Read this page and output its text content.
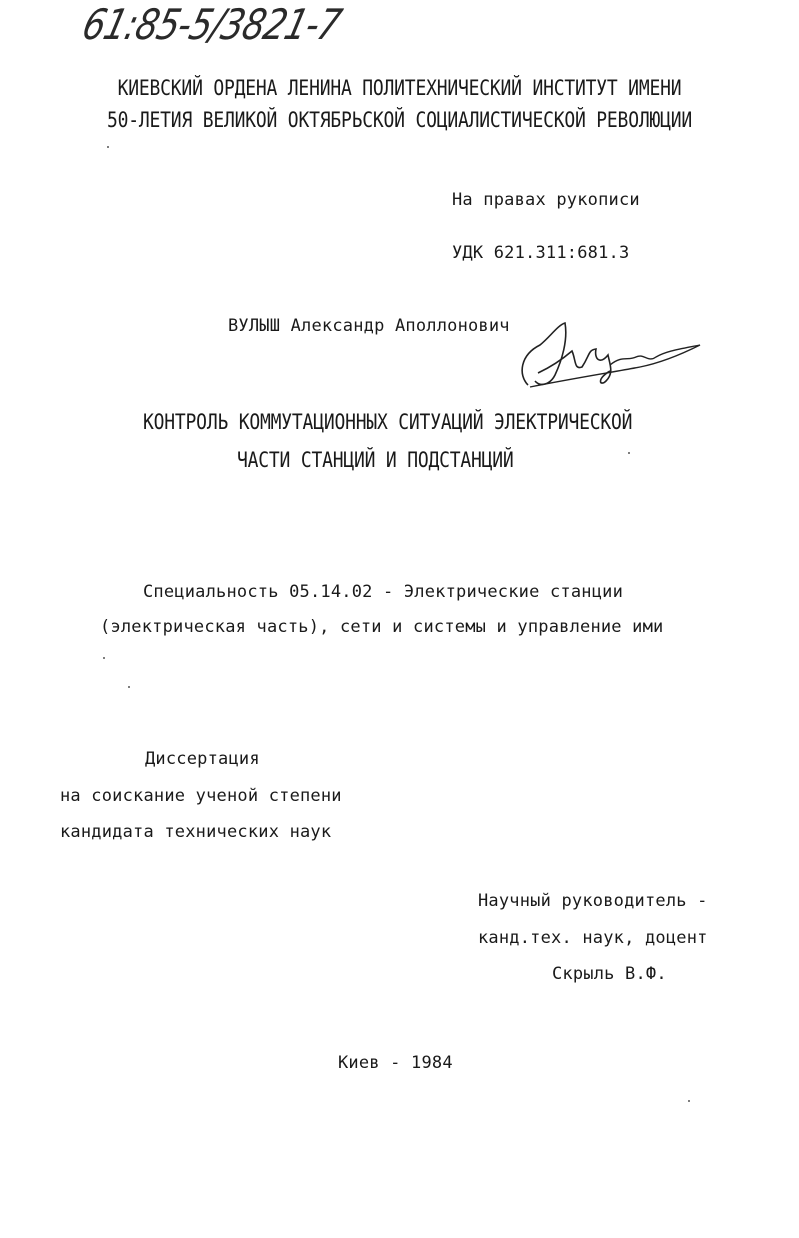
61:85-5/3821-7
КИЕВСКИЙ ОРДЕНА ЛЕНИНА ПОЛИТЕХНИЧЕСКИЙ ИНСТИТУТ ИМЕНИ
50-ЛЕТИЯ ВЕЛИКОЙ ОКТЯБРЬСКОЙ СОЦИАЛИСТИЧЕСКОЙ РЕВОЛЮЦИИ
На правах рукописи
УДК 621.311:681.3
ВУЛЫШ Александр Аполлонович
КОНТРОЛЬ КОММУТАЦИОННЫХ СИТУАЦИЙ ЭЛЕКТРИЧЕСКОЙ
ЧАСТИ СТАНЦИЙ И ПОДСТАНЦИЙ
Специальность 05.14.02 - Электрические станции
(электрическая часть), сети и системы и управление ими
Диссертация
на соискание ученой степени
кандидата технических наук
Научный руководитель -
канд.тех. наук, доцент
Скрыль В.Ф.
Киев - 1984
